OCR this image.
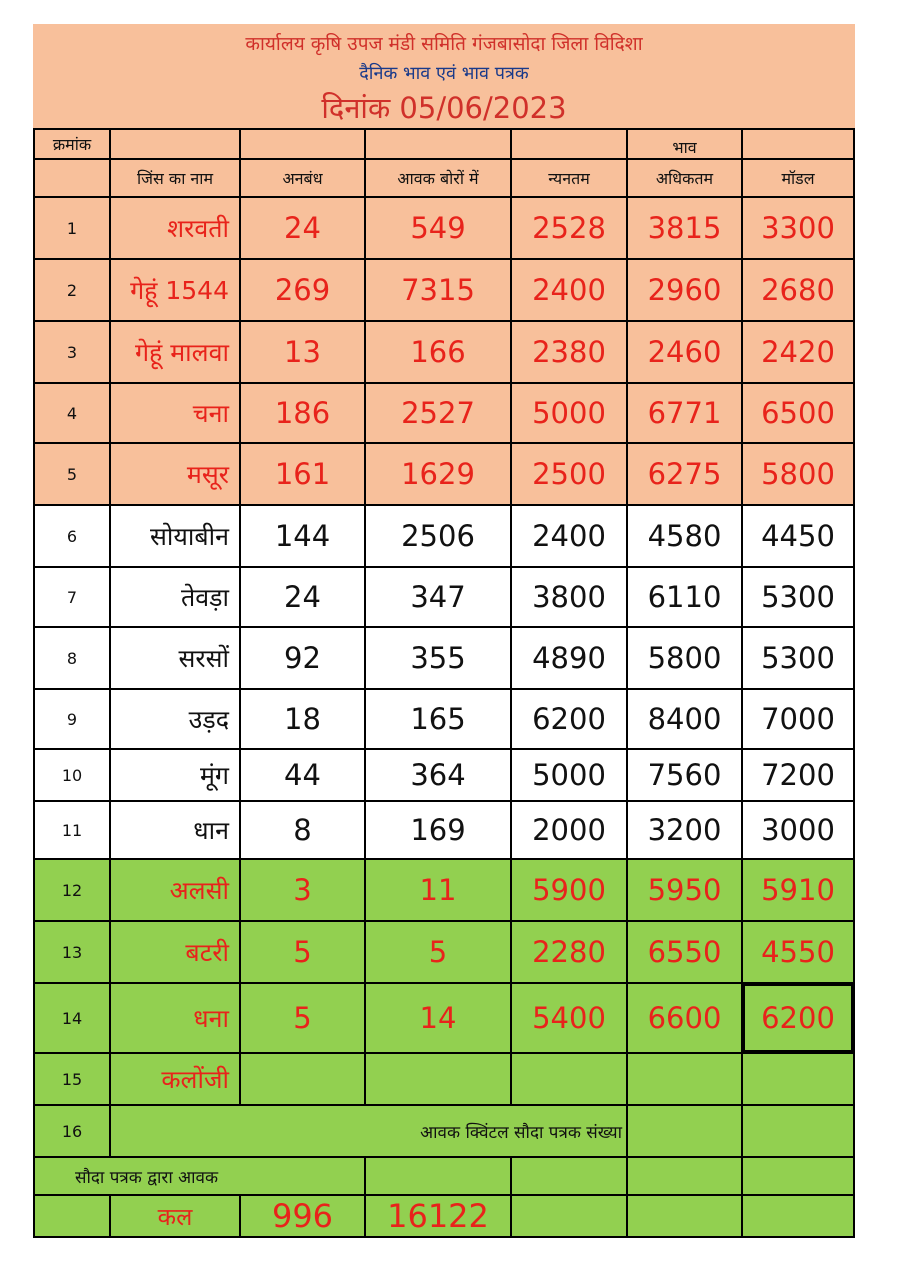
कार्यालय कृषि उपज मंडी समिति गंजबासोदा जिला विदिशा
दैनिक भाव एवं भाव पत्रक
दिनांक 05/06/2023
क्रमांक					भाव	
	जिंस का नाम	अनबंध	आवक बोरों में	न्यनतम	अधिकतम	मॉडल
1	शरवती	24	549	2528	3815	3300
2	गेहूं 1544	269	7315	2400	2960	2680
3	गेहूं मालवा	13	166	2380	2460	2420
4	चना	186	2527	5000	6771	6500
5	मसूर	161	1629	2500	6275	5800
6	सोयाबीन	144	2506	2400	4580	4450
7	तेवड़ा	24	347	3800	6110	5300
8	सरसों	92	355	4890	5800	5300
9	उड़द	18	165	6200	8400	7000
10	मूंग	44	364	5000	7560	7200
11	धान	8	169	2000	3200	3000
12	अलसी	3	11	5900	5950	5910
13	बटरी	5	5	2280	6550	4550
14	धना	5	14	5400	6600	6200
15	कलोंजी					
16	आवक क्विंटल सौदा पत्रक संख्या					
सौदा पत्रक द्वारा आवक						
	कल	996	16122			
